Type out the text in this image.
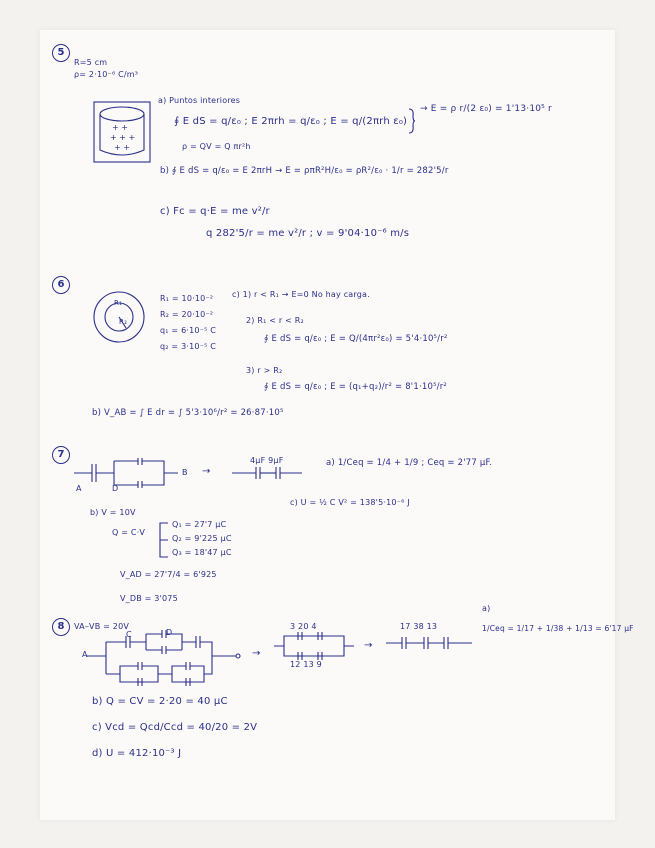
5
R=5 cm
ρ= 2·10⁻⁶ C/m³
a) Puntos interiores
+ +
+ + +
+ +
∮ E dS = q/ε₀ ; E 2πrh = q/ε₀ ; E = q/(2πrh ε₀)
→ E = ρ r/(2 ε₀) = 1'13·10⁵ r
ρ = QV = Q πr²h
b) ∮ E dS = q/ε₀ = E 2πrH → E = ρπR²H/ε₀ = ρR²/ε₀ · 1/r = 282'5/r
c) Fc = q·E = me v²/r
q 282'5/r = me v²/r ; v = 9'04·10⁻⁶ m/s
6
R₁
R₂
R₁ = 10·10⁻²
R₂ = 20·10⁻²
q₁ = 6·10⁻⁵ C
q₂ = 3·10⁻⁵ C
c) 1) r < R₁ → E=0 No hay carga.
2) R₁ < r < R₂
∮ E dS = q/ε₀ ; E = Q/(4πr²ε₀) = 5'4·10⁵/r²
3) r > R₂
∮ E dS = q/ε₀ ; E = (q₁+q₂)/r² = 8'1·10⁵/r²
b) V_AB = ∫ E dr = ∫ 5'3·10⁶/r² = 26·87·10⁵
7
A	D
B →
4μF 9μF	a) 1/Ceq = 1/4 + 1/9 ; Ceq = 2'77 μF.
b) V = 10V
c) U = ½ C V² = 138'5·10⁻⁶ J
Q = C·V
Q₁ = 27'7 μC
Q₂ = 9'225 μC
Q₃ = 18'47 μC
V_AD = 27'7/4 = 6'925
V_DB = 3'075
8	VA–VB = 20V
A
C	D
→
3 20 4
12 13 9
→
17 38 13
a)
1/Ceq = 1/17 + 1/38 + 1/13 = 6'17 μF
b) Q = CV = 2·20 = 40 μC
c) Vcd = Qcd/Ccd = 40/20 = 2V
d) U = 412·10⁻³ J
